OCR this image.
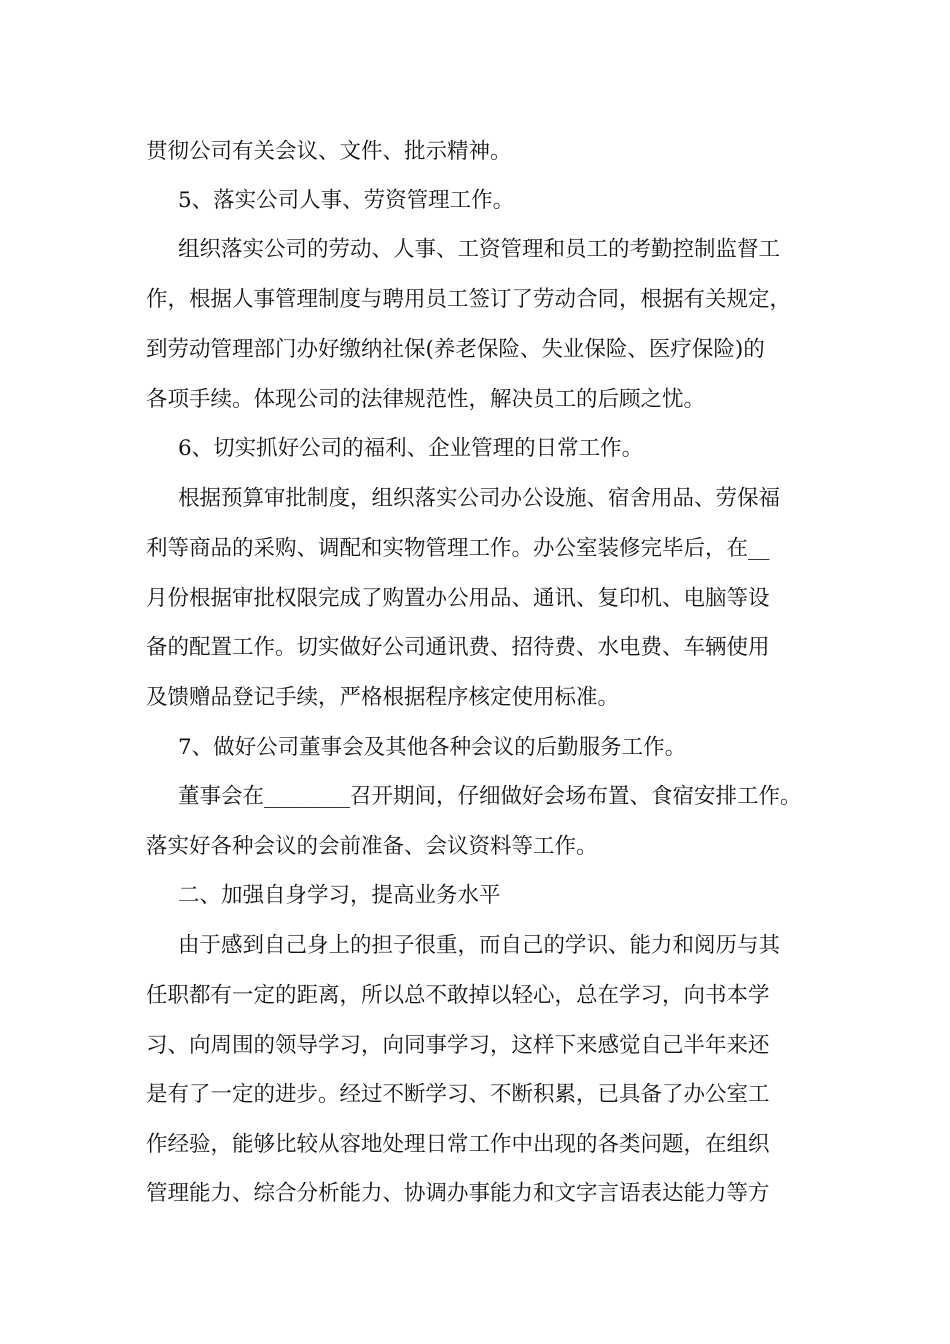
贯彻公司有关会议、文件、批示精神。
5、落实公司人事、劳资管理工作。
组织落实公司的劳动、人事、工资管理和员工的考勤控制监督工
作，根据人事管理制度与聘用员工签订了劳动合同，根据有关规定，
到劳动管理部门办好缴纳社保(养老保险、失业保险、医疗保险)的
各项手续。体现公司的法律规范性，解决员工的后顾之忧。
6、切实抓好公司的福利、企业管理的日常工作。
根据预算审批制度，组织落实公司办公设施、宿舍用品、劳保福
利等商品的采购、调配和实物管理工作。办公室装修完毕后，在__
月份根据审批权限完成了购置办公用品、通讯、复印机、电脑等设
备的配置工作。切实做好公司通讯费、招待费、水电费、车辆使用
及馈赠品登记手续，严格根据程序核定使用标准。
7、做好公司董事会及其他各种会议的后勤服务工作。
董事会在________召开期间，仔细做好会场布置、食宿安排工作。
落实好各种会议的会前准备、会议资料等工作。
二、加强自身学习，提高业务水平
由于感到自己身上的担子很重，而自己的学识、能力和阅历与其
任职都有一定的距离，所以总不敢掉以轻心，总在学习，向书本学
习、向周围的领导学习，向同事学习，这样下来感觉自己半年来还
是有了一定的进步。经过不断学习、不断积累，已具备了办公室工
作经验，能够比较从容地处理日常工作中出现的各类问题，在组织
管理能力、综合分析能力、协调办事能力和文字言语表达能力等方
